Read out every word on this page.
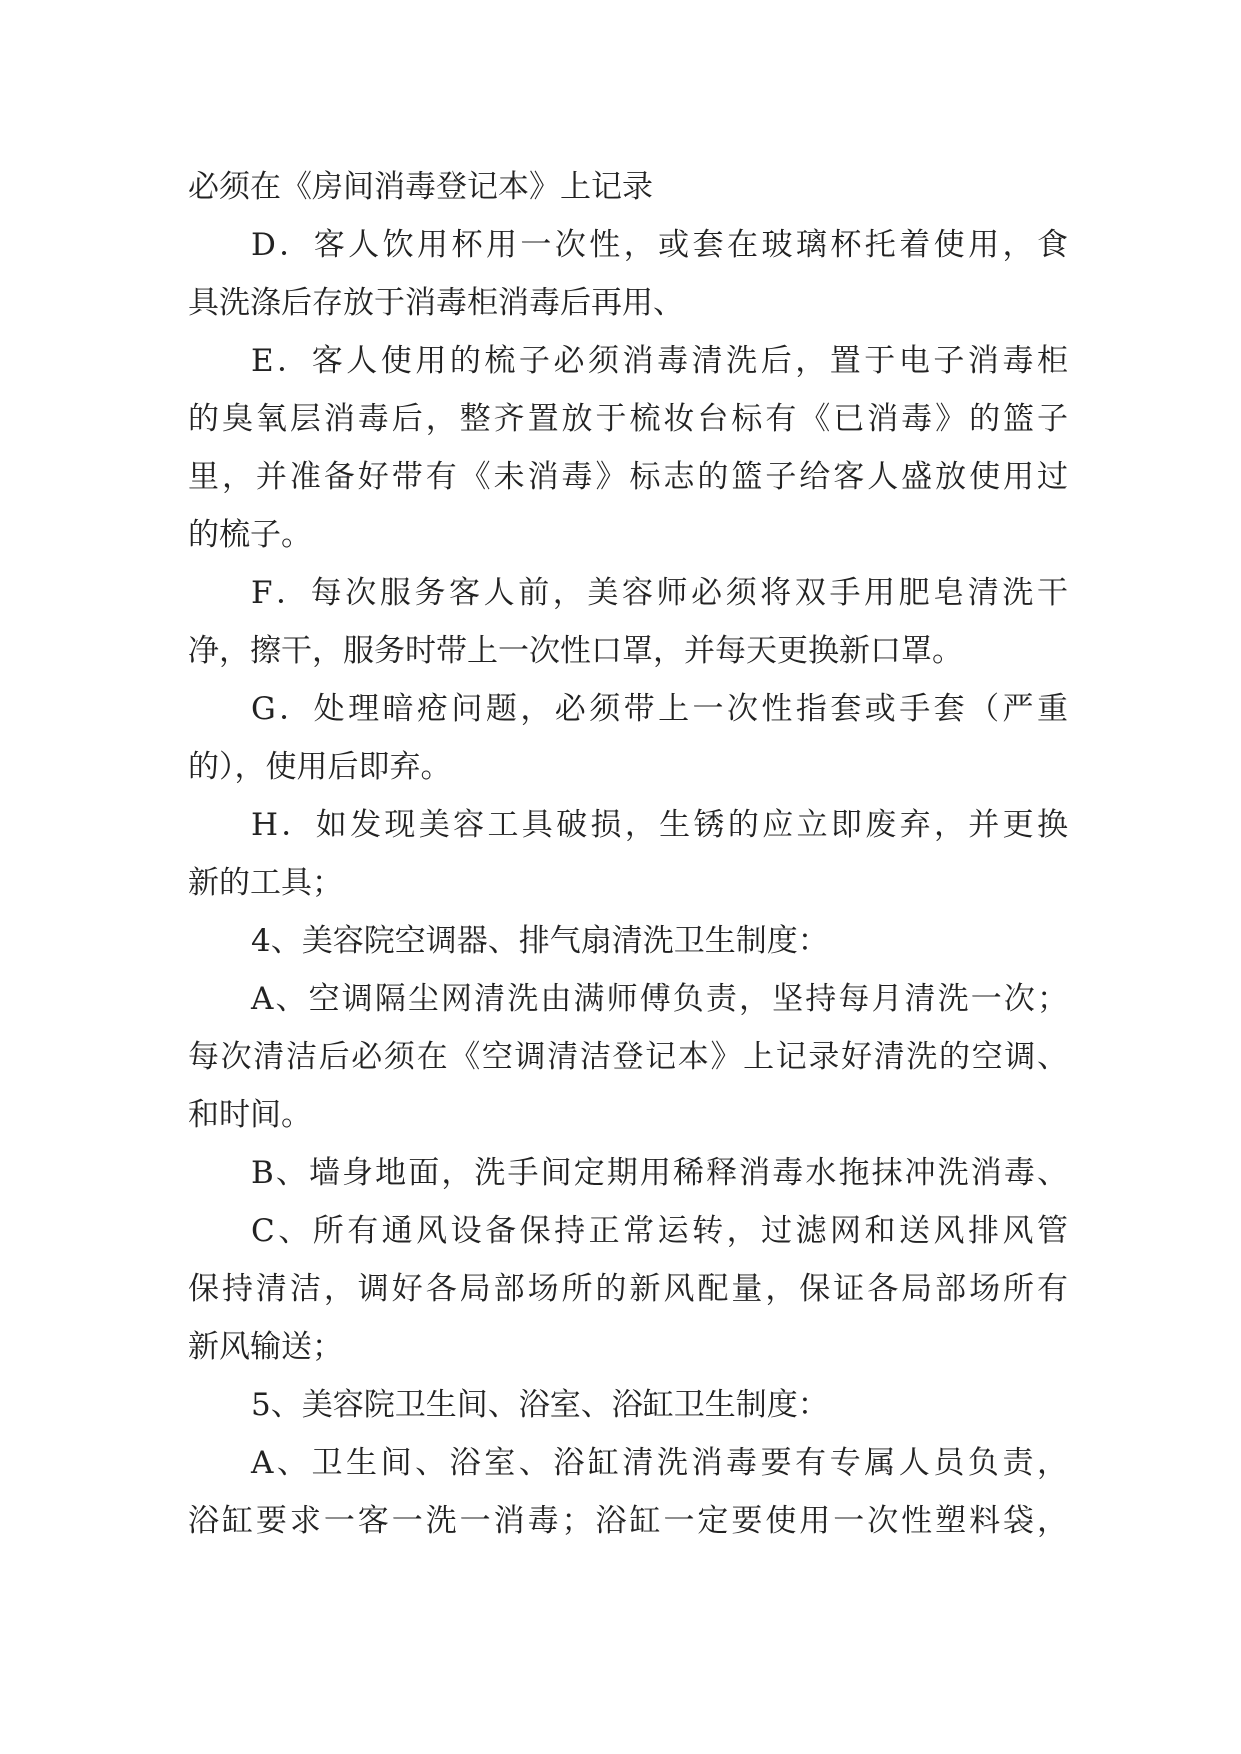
必须在《房间消毒登记本》上记录
D．客人饮用杯用一次性，或套在玻璃杯托着使用，食
具洗涤后存放于消毒柜消毒后再用、
E．客人使用的梳子必须消毒清洗后，置于电子消毒柜
的臭氧层消毒后，整齐置放于梳妆台标有《已消毒》的篮子
里，并准备好带有《未消毒》标志的篮子给客人盛放使用过
的梳子。
F．每次服务客人前，美容师必须将双手用肥皂清洗干
净，擦干，服务时带上一次性口罩，并每天更换新口罩。
G．处理暗疮问题，必须带上一次性指套或手套（严重
的），使用后即弃。
H．如发现美容工具破损，生锈的应立即废弃，并更换
新的工具；
4、美容院空调器、排气扇清洗卫生制度：
A、空调隔尘网清洗由满师傅负责，坚持每月清洗一次；
每次清洁后必须在《空调清洁登记本》上记录好清洗的空调、
和时间。
B、墙身地面，洗手间定期用稀释消毒水拖抹冲洗消毒、
C、所有通风设备保持正常运转，过滤网和送风排风管
保持清洁，调好各局部场所的新风配量，保证各局部场所有
新风输送；
5、美容院卫生间、浴室、浴缸卫生制度：
A、卫生间、浴室、浴缸清洗消毒要有专属人员负责，
浴缸要求一客一洗一消毒；浴缸一定要使用一次性塑料袋，
